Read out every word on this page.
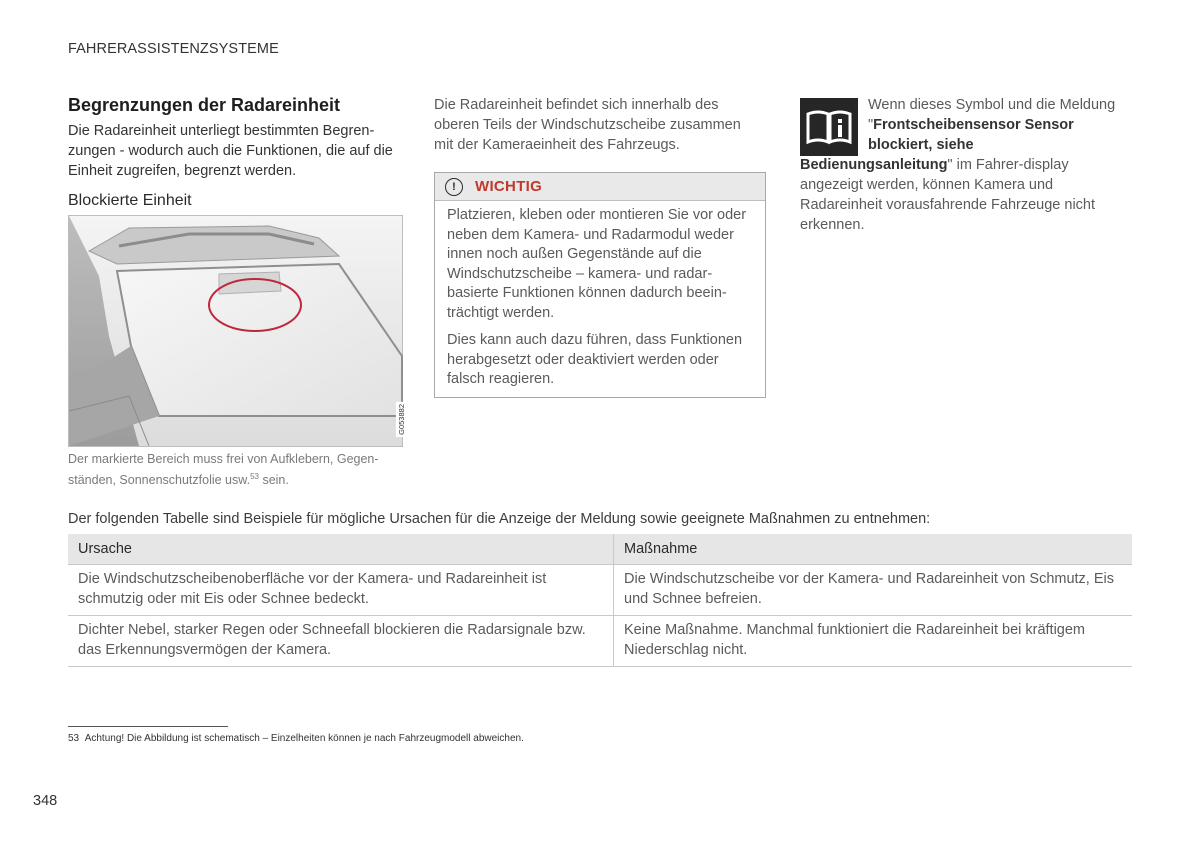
FAHRERASSISTENZSYSTEME
Begrenzungen der Radareinheit
Die Radareinheit unterliegt bestimmten Begren-zungen - wodurch auch die Funktionen, die auf die Einheit zugreifen, begrenzt werden.
Blockierte Einheit
G053882
Der markierte Bereich muss frei von Aufklebern, Gegen-ständen, Sonnenschutzfolie usw.$^{53}$ sein.
Die Radareinheit befindet sich innerhalb des oberen Teils der Windschutzscheibe zusammen mit der Kameraeinheit des Fahrzeugs.
!	WICHTIG

Platzieren, kleben oder montieren Sie vor oder neben dem Kamera- und Radarmodul weder innen noch außen Gegenstände auf die Windschutzscheibe – kamera- und radar-basierte Funktionen können dadurch beein-trächtigt werden.

Dies kann auch dazu führen, dass Funktionen herabgesetzt oder deaktiviert werden oder falsch reagieren.

Wenn dieses Symbol und die Meldung "Frontscheibensensor Sensor blockiert, siehe Bedienungsanleitung" im Fahrer-display angezeigt werden, können Kamera und Radareinheit vorausfahrende Fahrzeuge nicht erkennen.
Der folgenden Tabelle sind Beispiele für mögliche Ursachen für die Anzeige der Meldung sowie geeignete Maßnahmen zu entnehmen:
Ursache	Maßnahme
Die Windschutzscheibenoberfläche vor der Kamera- und Radareinheit ist schmutzig oder mit Eis oder Schnee bedeckt.	Die Windschutzscheibe vor der Kamera- und Radareinheit von Schmutz, Eis und Schnee befreien.
Dichter Nebel, starker Regen oder Schneefall blockieren die Radarsignale bzw. das Erkennungsvermögen der Kamera.	Keine Maßnahme. Manchmal funktioniert die Radareinheit bei kräftigem Niederschlag nicht.
53 Achtung! Die Abbildung ist schematisch – Einzelheiten können je nach Fahrzeugmodell abweichen.
348
